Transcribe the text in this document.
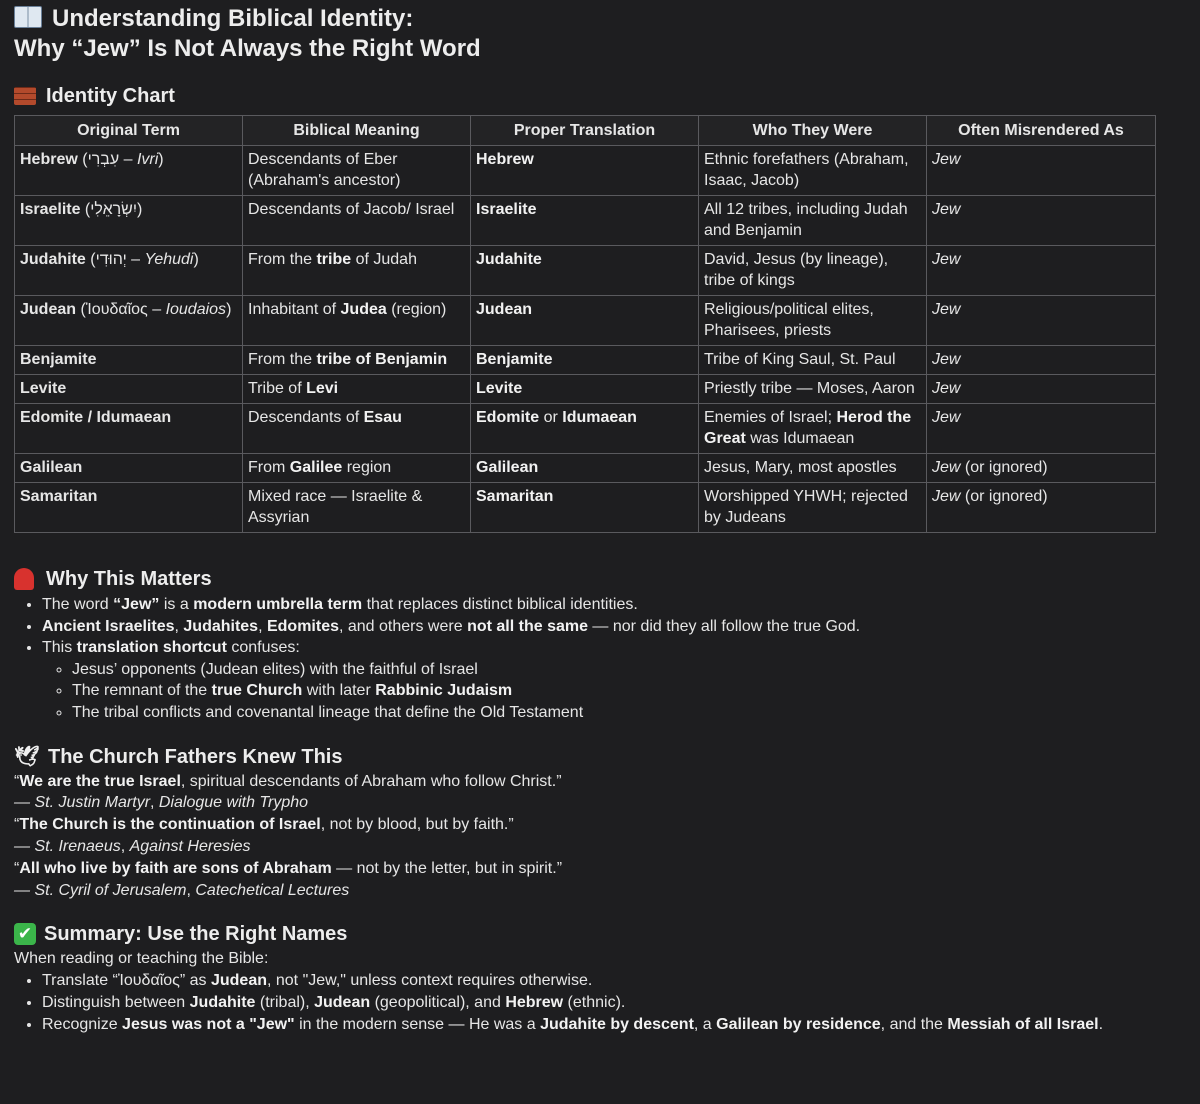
Understanding Biblical Identity:
Why “Jew” Is Not Always the Right Word
Identity Chart
Original Term	Biblical Meaning	Proper Translation	Who They Were	Often Misrendered As
Hebrew (עִבְרִי – Ivri)	Descendants of Eber (Abraham's ancestor)	Hebrew	Ethnic forefathers (Abraham, Isaac, Jacob)	Jew
Israelite (יִשְׂרָאֵלִי)	Descendants of Jacob/ Israel	Israelite	All 12 tribes, including Judah and Benjamin	Jew
Judahite (יְהוּדִי – Yehudi)	From the tribe of Judah	Judahite	David, Jesus (by lineage), tribe of kings	Jew
Judean (Ἰουδαῖος – Ioudaios)	Inhabitant of Judea (region)	Judean	Religious/political elites, Pharisees, priests	Jew
Benjamite	From the tribe of Benjamin	Benjamite	Tribe of King Saul, St. Paul	Jew
Levite	Tribe of Levi	Levite	Priestly tribe — Moses, Aaron	Jew
Edomite / Idumaean	Descendants of Esau	Edomite or Idumaean	Enemies of Israel; Herod the Great was Idumaean	Jew
Galilean	From Galilee region	Galilean	Jesus, Mary, most apostles	Jew (or ignored)
Samaritan	Mixed race — Israelite & Assyrian	Samaritan	Worshipped YHWH; rejected by Judeans	Jew (or ignored)
Why This Matters
• The word “Jew” is a modern umbrella term that replaces distinct biblical identities.
• Ancient Israelites, Judahites, Edomites, and others were not all the same — nor did they all follow the true God.
• This translation shortcut confuses:
◦ Jesus’ opponents (Judean elites) with the faithful of Israel
◦ The remnant of the true Church with later Rabbinic Judaism
◦ The tribal conflicts and covenantal lineage that define the Old Testament
🕊 The Church Fathers Knew This
“We are the true Israel, spiritual descendants of Abraham who follow Christ.”
— St. Justin Martyr, Dialogue with Trypho
“The Church is the continuation of Israel, not by blood, but by faith.”
— St. Irenaeus, Against Heresies
“All who live by faith are sons of Abraham — not by the letter, but in spirit.”
— St. Cyril of Jerusalem, Catechetical Lectures
✔ Summary: Use the Right Names
When reading or teaching the Bible:
• Translate “Ἰουδαῖος” as Judean, not "Jew," unless context requires otherwise.
• Distinguish between Judahite (tribal), Judean (geopolitical), and Hebrew (ethnic).
• Recognize Jesus was not a "Jew" in the modern sense — He was a Judahite by descent, a Galilean by residence, and the Messiah of all Israel.
